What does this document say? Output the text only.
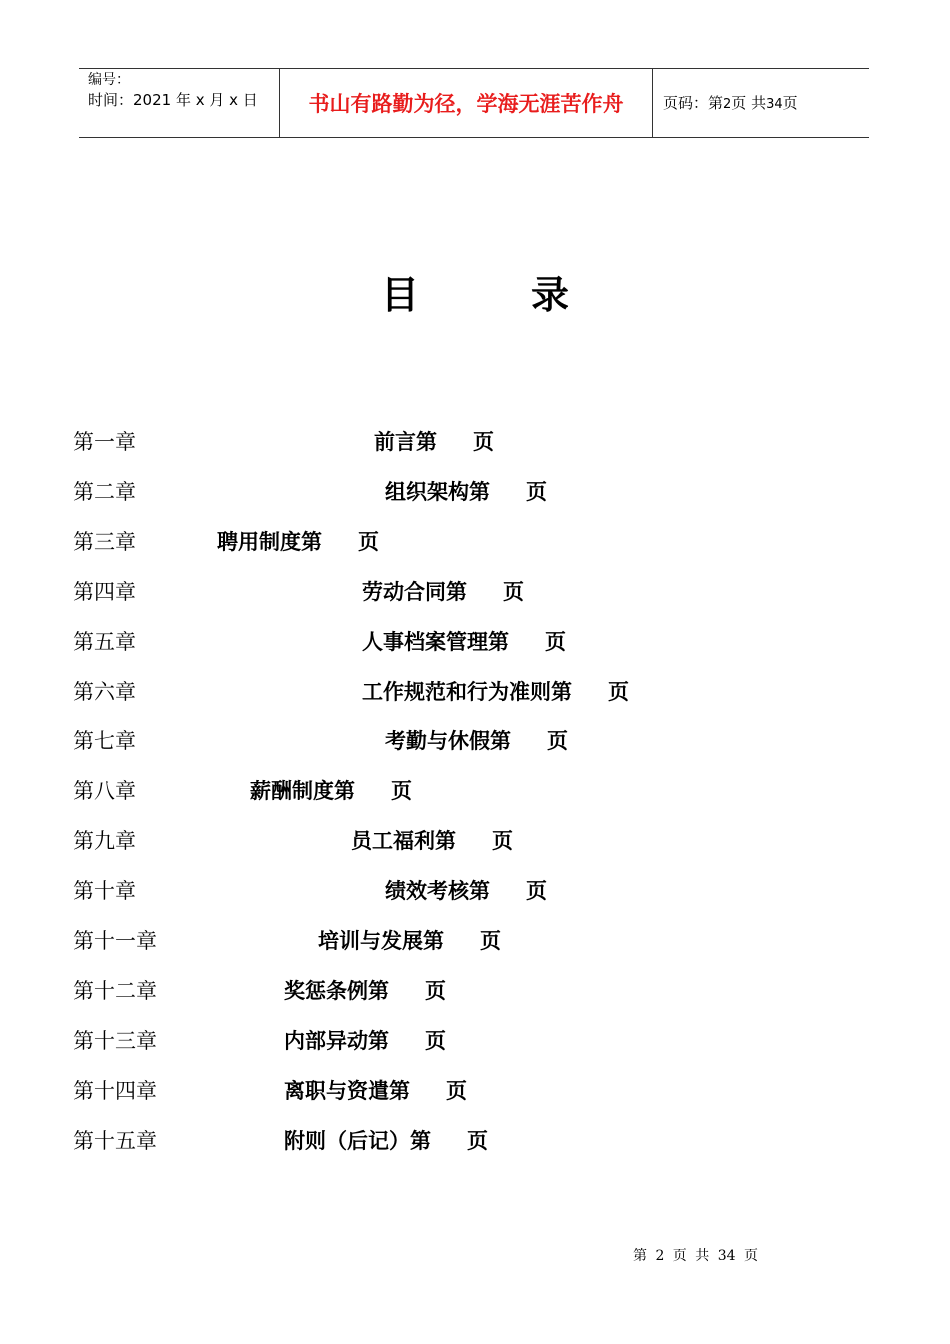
编号：
时间：2021 年 x 月 x 日	书山有路勤为径，学海无涯苦作舟	页码：第2页 共34页
目	录
第一章	前言第 页
第二章	组织架构第 页
第三章	聘用制度第 页
第四章	劳动合同第 页
第五章	人事档案管理第 页
第六章	工作规范和行为准则第 页
第七章	考勤与休假第 页
第八章	薪酬制度第 页
第九章	员工福利第 页
第十章	绩效考核第 页
第十一章	培训与发展第 页
第十二章	奖惩条例第 页
第十三章	内部异动第 页
第十四章	离职与资遣第 页
第十五章	附则（后记）第 页
第 2 页 共 34 页
